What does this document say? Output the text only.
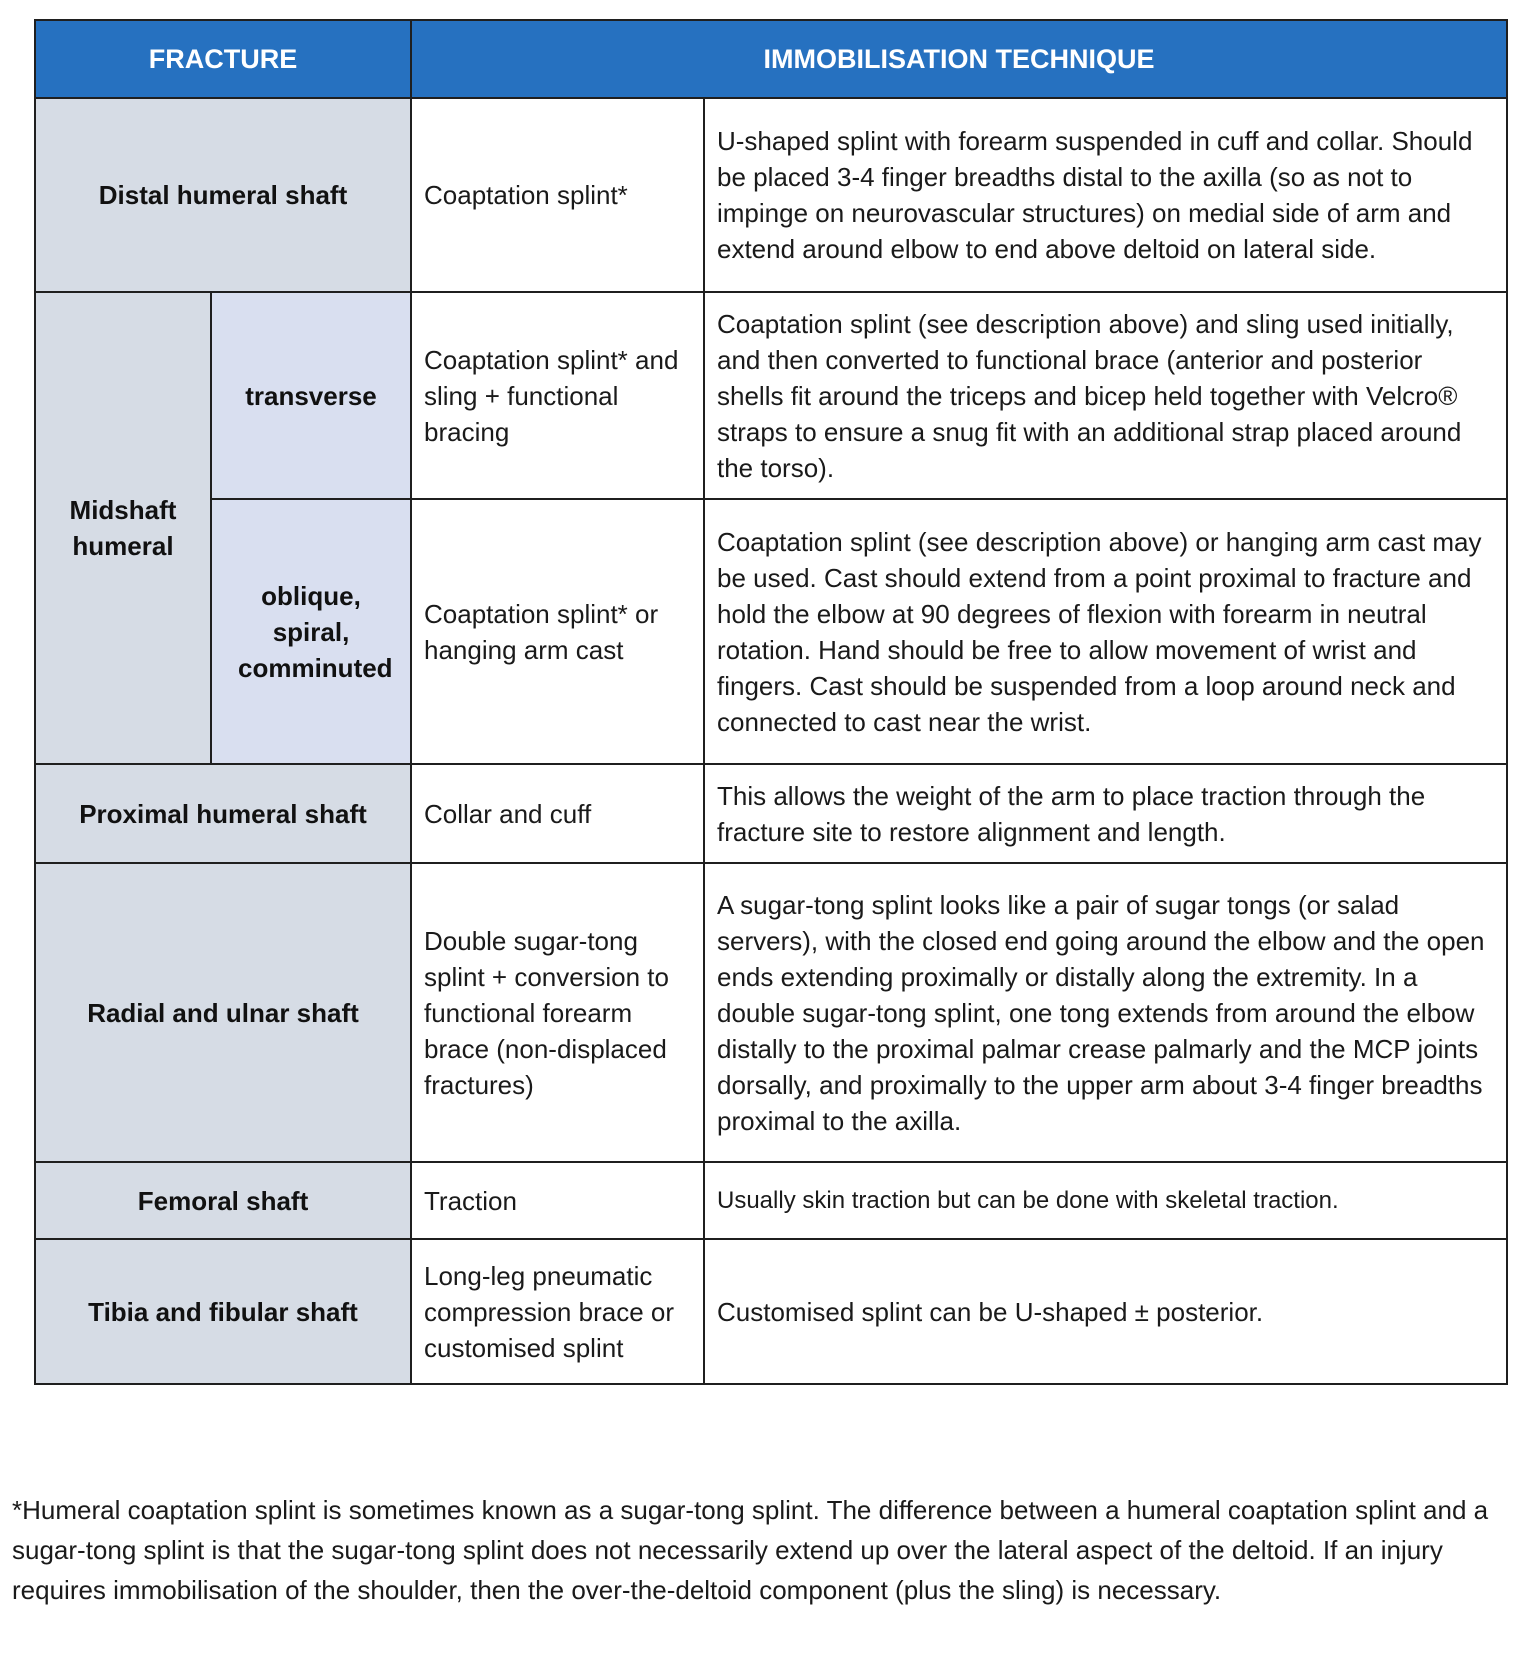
FRACTURE		IMMOBILISATION TECHNIQUE	
Distal humeral shaft		Coaptation splint*	U-shaped splint with forearm suspended in cuff and collar. Should be placed 3-4 finger breadths distal to the axilla (so as not to impinge on neurovascular structures) on medial side of arm and extend around elbow to end above deltoid on lateral side.
Midshaft humeral	transverse	Coaptation splint* and sling + functional bracing	Coaptation splint (see description above) and sling used initially, and then converted to functional brace (anterior and posterior shells fit around the triceps and bicep held together with Velcro® straps to ensure a snug fit with an additional strap placed around the torso).
	oblique, spiral, comminuted	Coaptation splint* or hanging arm cast	Coaptation splint (see description above) or hanging arm cast may be used. Cast should extend from a point proximal to fracture and hold the elbow at 90 degrees of flexion with forearm in neutral rotation. Hand should be free to allow movement of wrist and fingers. Cast should be suspended from a loop around neck and connected to cast near the wrist.
Proximal humeral shaft		Collar and cuff	This allows the weight of the arm to place traction through the fracture site to restore alignment and length.
Radial and ulnar shaft		Double sugar-tong splint + conversion to functional forearm brace (non-displaced fractures)	A sugar-tong splint looks like a pair of sugar tongs (or salad servers), with the closed end going around the elbow and the open ends extending proximally or distally along the extremity. In a double sugar-tong splint, one tong extends from around the elbow distally to the proximal palmar crease palmarly and the MCP joints dorsally, and proximally to the upper arm about 3-4 finger breadths proximal to the axilla.
Femoral shaft		Traction	Usually skin traction but can be done with skeletal traction.
Tibia and fibular shaft		Long-leg pneumatic compression brace or customised splint	Customised splint can be U-shaped ± posterior.
*Humeral coaptation splint is sometimes known as a sugar-tong splint. The difference between a humeral coaptation splint and a sugar-tong splint is that the sugar-tong splint does not necessarily extend up over the lateral aspect of the deltoid. If an injury requires immobilisation of the shoulder, then the over-the-deltoid component (plus the sling) is necessary.
